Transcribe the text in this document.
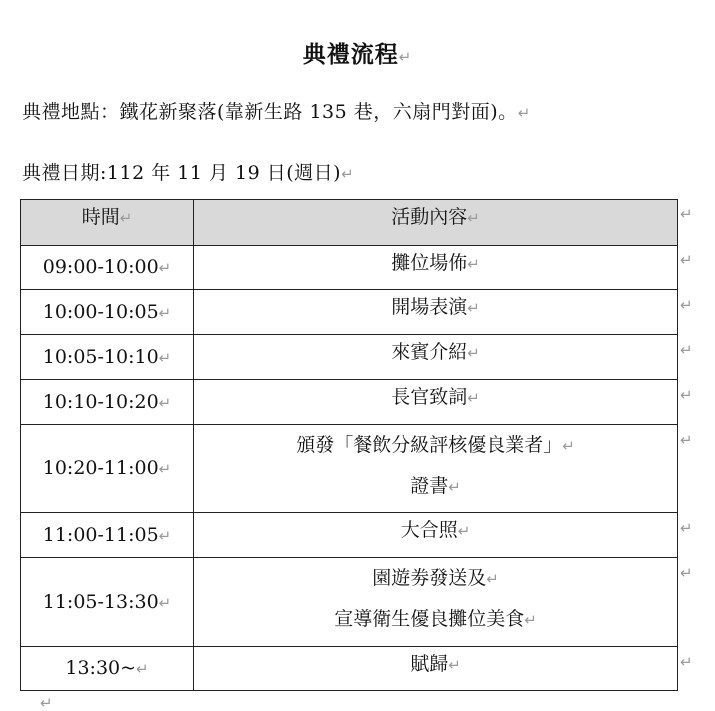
典禮流程↵
典禮地點：鐵花新聚落(靠新生路 135 巷，六扇門對面)。↵
典禮日期:112 年 11 月 19 日(週日)↵
時間↵	活動內容↵
09:00-10:00↵	攤位場佈↵
10:00-10:05↵	開場表演↵
10:05-10:10↵	來賓介紹↵
10:10-10:20↵	長官致詞↵
10:20-11:00↵	頒發「餐飲分級評核優良業者」↵
證書↵

11:00-11:05↵	大合照↵
11:05-13:30↵	園遊劵發送及↵
宣導衛生優良攤位美食↵

13:30~↵	賦歸↵
↵
↵
↵
↵
↵
↵
↵
↵
↵
↵
